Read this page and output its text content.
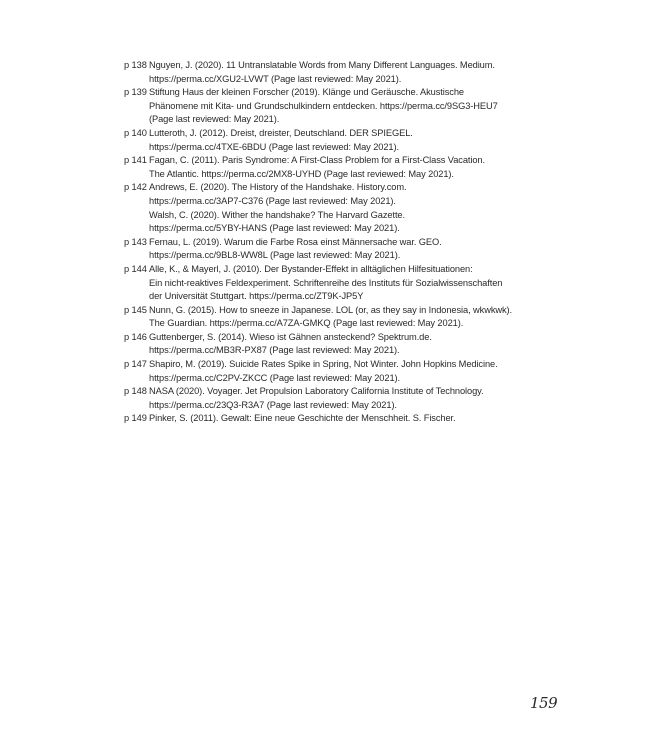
p 138 Nguyen, J. (2020). 11 Untranslatable Words from Many Different Languages. Medium.
https://perma.cc/XGU2-LVWT (Page last reviewed: May 2021).
p 139 Stiftung Haus der kleinen Forscher (2019). Klänge und Geräusche. Akustische
Phänomene mit Kita- und Grundschulkindern entdecken. https://perma.cc/9SG3-HEU7
(Page last reviewed: May 2021).
p 140 Lutteroth, J. (2012). Dreist, dreister, Deutschland. DER SPIEGEL.
https://perma.cc/4TXE-6BDU (Page last reviewed: May 2021).
p 141 Fagan, C. (2011). Paris Syndrome: A First-Class Problem for a First-Class Vacation.
The Atlantic. https://perma.cc/2MX8-UYHD (Page last reviewed: May 2021).
p 142 Andrews, E. (2020). The History of the Handshake. History.com.
https://perma.cc/3AP7-C376 (Page last reviewed: May 2021).
Walsh, C. (2020). Wither the handshake? The Harvard Gazette.
https://perma.cc/5YBY-HANS (Page last reviewed: May 2021).
p 143 Fernau, L. (2019). Warum die Farbe Rosa einst Männersache war. GEO.
https://perma.cc/9BL8-WW8L (Page last reviewed: May 2021).
p 144 Alle, K., & Mayerl, J. (2010). Der Bystander-Effekt in alltäglichen Hilfesituationen:
Ein nicht-reaktives Feldexperiment. Schriftenreihe des Instituts für Sozialwissenschaften
der Universität Stuttgart. https://perma.cc/ZT9K-JP5Y
p 145 Nunn, G. (2015). How to sneeze in Japanese. LOL (or, as they say in Indonesia, wkwkwk).
The Guardian. https://perma.cc/A7ZA-GMKQ (Page last reviewed: May 2021).
p 146 Guttenberger, S. (2014). Wieso ist Gähnen ansteckend? Spektrum.de.
https://perma.cc/MB3R-PX87 (Page last reviewed: May 2021).
p 147 Shapiro, M. (2019). Suicide Rates Spike in Spring, Not Winter. John Hopkins Medicine.
https://perma.cc/C2PV-ZKCC (Page last reviewed: May 2021).
p 148 NASA (2020). Voyager. Jet Propulsion Laboratory California Institute of Technology.
https://perma.cc/23Q3-R3A7 (Page last reviewed: May 2021).
p 149 Pinker, S. (2011). Gewalt: Eine neue Geschichte der Menschheit. S. Fischer.
159
